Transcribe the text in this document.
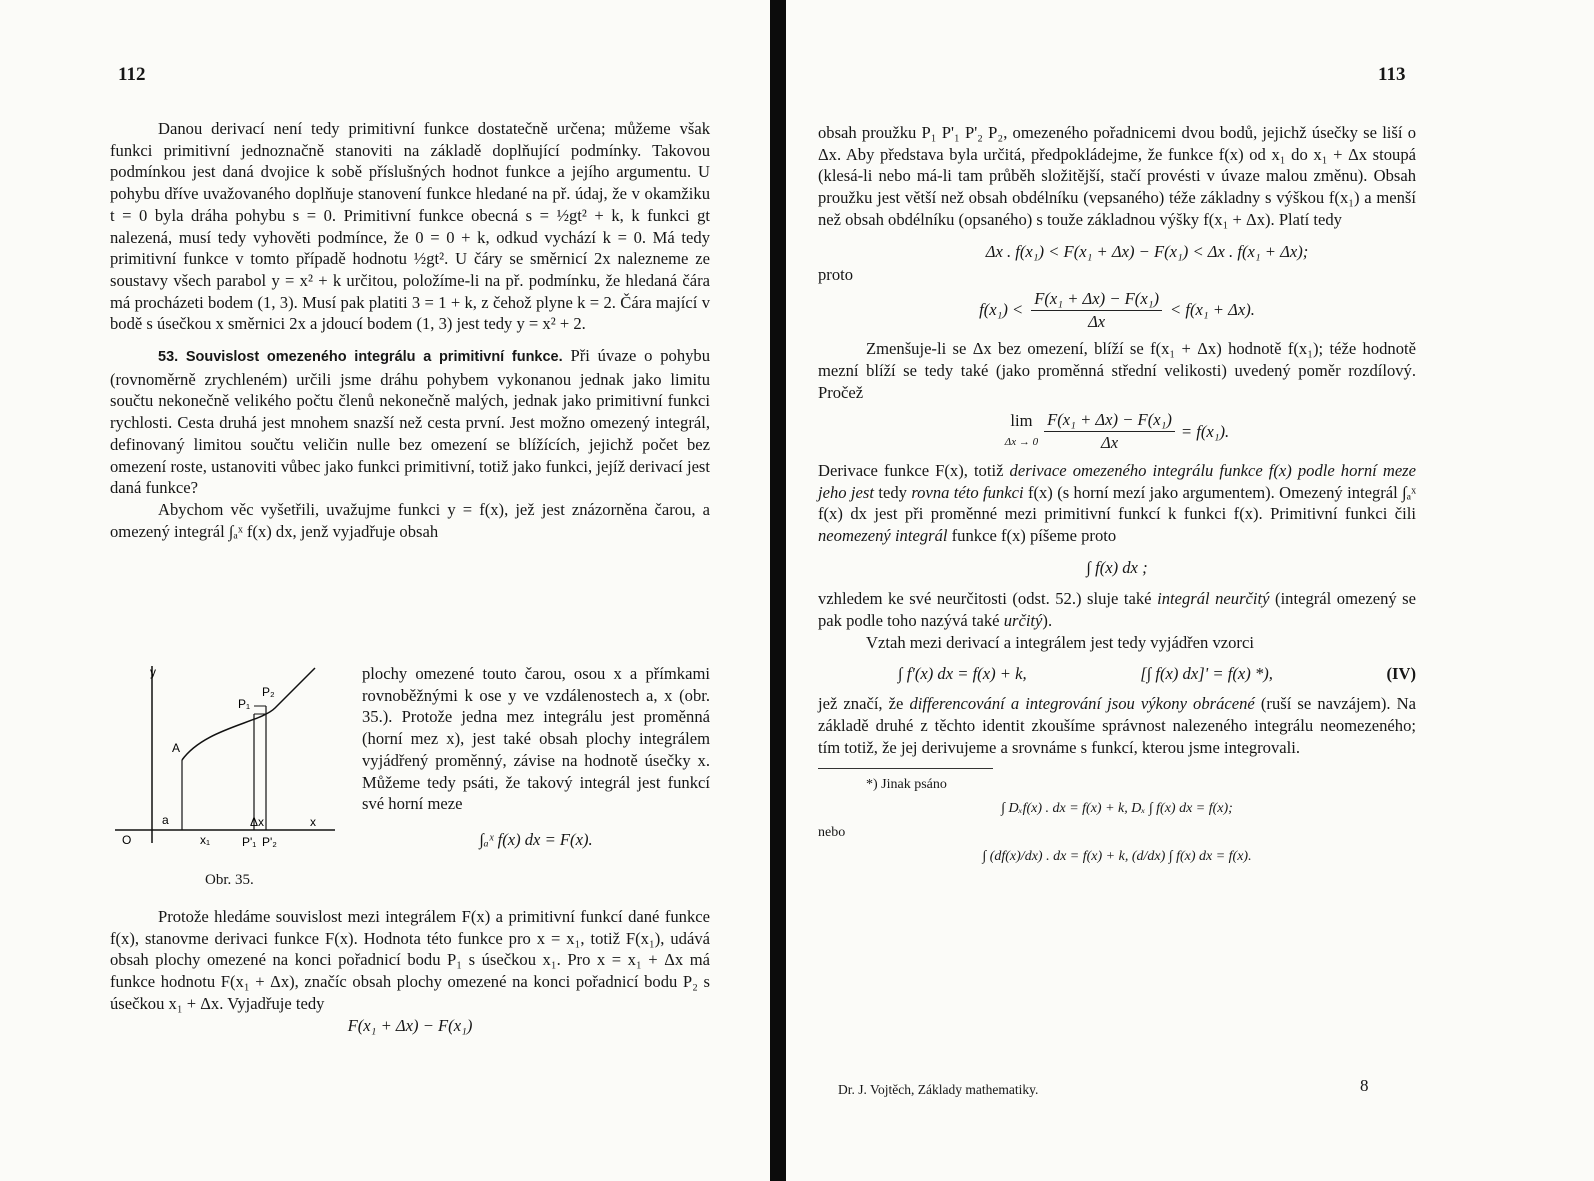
112

Danou derivací není tedy primitivní funkce dostatečně určena; můžeme však funkci primitivní jednoznačně stanoviti na základě doplňující podmínky. Takovou podmínkou jest daná dvojice k sobě příslušných hodnot funkce a jejího argumentu. U pohybu dříve uvažovaného doplňuje stanovení funkce hledané na př. údaj, že v okamžiku t = 0 byla dráha pohybu s = 0. Primitivní funkce obecná s = ½gt² + k, k funkci gt nalezená, musí tedy vyhověti podmínce, že 0 = 0 + k, odkud vychází k = 0. Má tedy primitivní funkce v tomto případě hodnotu ½gt². U čáry se směrnicí 2x nalezneme ze soustavy všech parabol y = x² + k určitou, položíme-li na př. podmínku, že hledaná čára má procházeti bodem (1, 3). Musí pak platiti 3 = 1 + k, z čehož plyne k = 2. Čára mající v bodě s úsečkou x směrnici 2x a jdoucí bodem (1, 3) jest tedy y = x² + 2.

53. Souvislost omezeného integrálu a primitivní funkce. Při úvaze o pohybu (rovnoměrně zrychleném) určili jsme dráhu pohybem vykonanou jednak jako limitu součtu nekonečně velikého počtu členů nekonečně malých, jednak jako primitivní funkci rychlosti. Cesta druhá jest mnohem snazší než cesta první. Jest možno omezený integrál, definovaný limitou součtu veličin nulle bez omezení se blížících, jejichž počet bez omezení roste, ustanoviti vůbec jako funkci primitivní, totiž jako funkci, jejíž derivací jest daná funkce?

Abychom věc vyšetřili, uvažujme funkci y = f(x), jež jest znázorněna čarou, a omezený integrál ∫ₐˣ f(x) dx, jenž vyjadřuje obsah

y
x
O
a
x₁
A
P₁
P₂
Δx
P'₁ P'₂
Obr. 35.

plochy omezené touto čarou, osou x a přímkami rovnoběžnými k ose y ve vzdálenostech a, x (obr. 35.). Protože jedna mez integrálu jest proměnná (horní mez x), jest také obsah plochy integrálem vyjádřený proměnný, závise na hodnotě úsečky x. Můžeme tedy psáti, že takový integrál jest funkcí své horní meze

∫ₐˣ f(x) dx = F(x).

Protože hledáme souvislost mezi integrálem F(x) a primitivní funkcí dané funkce f(x), stanovme derivaci funkce F(x). Hodnota této funkce pro x = x₁, totiž F(x₁), udává obsah plochy omezené na konci pořadnicí bodu P₁ s úsečkou x₁. Pro x = x₁ + Δx má funkce hodnotu F(x₁ + Δx), značíc obsah plochy omezené na konci pořadnicí bodu P₂ s úsečkou x₁ + Δx. Vyjadřuje tedy

F(x₁ + Δx) − F(x₁)

113

obsah proužku P₁ P'₁ P'₂ P₂, omezeného pořadnicemi dvou bodů, jejichž úsečky se liší o Δx. Aby představa byla určitá, předpokládejme, že funkce f(x) od x₁ do x₁ + Δx stoupá (klesá-li nebo má-li tam průběh složitější, stačí provésti v úvaze malou změnu). Obsah proužku jest větší než obsah obdélníku (vepsaného) téže základny s výškou f(x₁) a menší než obsah obdélníku (opsaného) s touže základnou výšky f(x₁ + Δx). Platí tedy

Δx . f(x₁) < F(x₁ + Δx) − F(x₁) < Δx . f(x₁ + Δx);

proto

$f(x_1) < \frac{\text{F(x₁ + Δx) − F(x₁)}}{\Delta x} < f(x_1 + \Delta x)$.

Zmenšuje-li se Δx bez omezení, blíží se f(x₁ + Δx) hodnotě f(x₁); téže hodnotě mezní blíží se tedy také (jako proměnná střední velikosti) uvedený poměr rozdílový. Pročež

lim
$\Delta x \to 0 \frac{\text{F(x₁ + Δx) − F(x₁)}}{\Delta x} = f(x_1)$.

Derivace funkce F(x), totiž derivace omezeného integrálu funkce f(x) podle horní meze jeho jest tedy rovna této funkci f(x) (s horní mezí jako argumentem). Omezený integrál ∫ₐˣ f(x) dx jest při proměnné mezi primitivní funkcí k funkci f(x). Primitivní funkci čili neomezený integrál funkce f(x) píšeme proto

∫ f(x) dx ;

vzhledem ke své neurčitosti (odst. 52.) sluje také integrál neurčitý (integrál omezený se pak podle toho nazývá také určitý).

Vztah mezi derivací a integrálem jest tedy vyjádřen vzorci

∫ f'(x) dx = f(x) + k,	[∫ f(x) dx]' = f(x) *),	(IV)

jež značí, že differencování a integrování jsou výkony obrácené (ruší se navzájem). Na základě druhé z těchto identit zkoušíme správnost nalezeného integrálu neomezeného; tím totiž, že jej derivujeme a srovnáme s funkcí, kterou jsme integrovali.

*) Jinak psáno

∫ Dₓf(x) . dx = f(x) + k, Dₓ ∫ f(x) dx = f(x);

nebo

∫ (df(x)/dx) . dx = f(x) + k, (d/dx) ∫ f(x) dx = f(x).

Dr. J. Vojtěch, Základy mathematiky.	8
